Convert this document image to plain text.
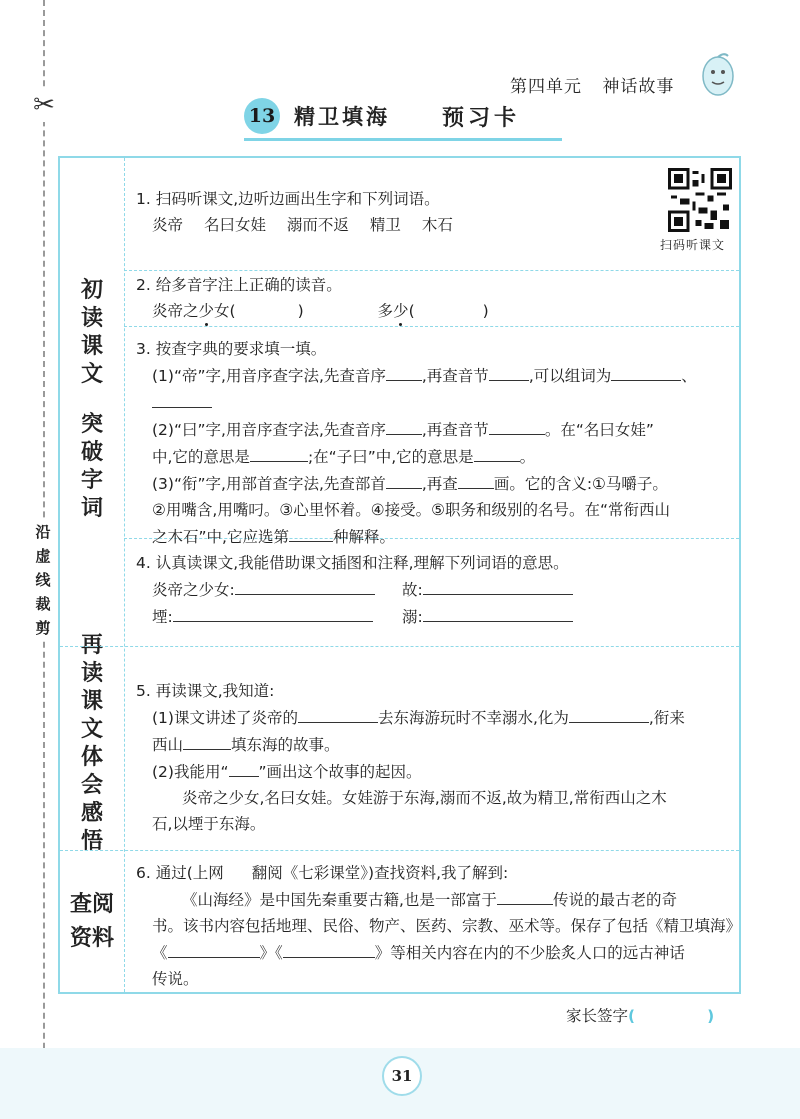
✂
沿
虚
线
裁
剪
第四单元 神话故事
13 精卫填海 预习卡
初
读
课
文
突
破
字
词
再
读
课
文
体
会
感
悟
查 阅
资 料
扫码听课文
1. 扫码听课文,边听边画出生字和下列词语。
炎帝 名曰女娃 溺而不返 精卫 木石
2. 给多音字注上正确的读音。
炎帝之少女(	)	多少(	)
3. 按查字典的要求填一填。
(1)“帝”字,用音序查字法,先查音序 ,再查音节	,可以组词为	、
(2)“曰”字,用音序查字法,先查音序 ,再查音节	。在“名曰女娃”
中,它的意思是	;在“子曰”中,它的意思是	。
(3)“衔”字,用部首查字法,先查部首 ,再查 画。它的含义:①马嚼子。
②用嘴含,用嘴叼。③心里怀着。④接受。⑤职务和级别的名号。在“常衔西山
之木石”中,它应选第	种解释。
4. 认真读课文,我能借助课文插图和注释,理解下列词语的意思。
炎帝之少女:	故:
堙:	溺:
5. 再读课文,我知道:
(1)课文讲述了炎帝的	去东海游玩时不幸溺水,化为	,衔来
西山	填东海的故事。
(2)我能用“ ”画出这个故事的起因。
炎帝之少女,名曰女娃。女娃游于东海,溺而不返,故为精卫,常衔西山之木
石,以堙于东海。
6. 通过(上网 翻阅《七彩课堂》)查找资料,我了解到:
《山海经》是中国先秦重要古籍,也是一部富于	传说的最古老的奇
书。该书内容包括地理、民俗、物产、医药、宗教、巫术等。保存了包括《精卫填海》
《	》《	》等相关内容在内的不少脍炙人口的远古神话
传说。
家长签字(	)
31
